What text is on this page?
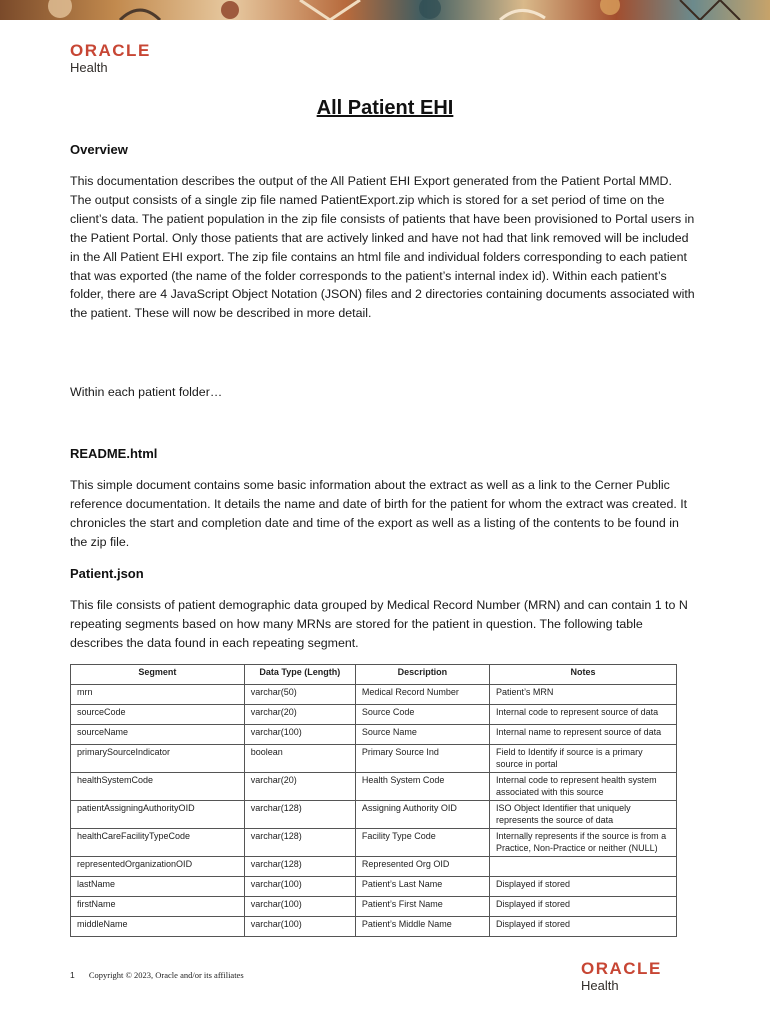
ORACLE
Health
All Patient EHI
Overview

This documentation describes the output of the All Patient EHI Export generated from the Patient Portal MMD. The output consists of a single zip file named PatientExport.zip which is stored for a set period of time on the client’s data. The patient population in the zip file consists of patients that have been provisioned to Portal users in the Patient Portal. Only those patients that are actively linked and have not had that link removed will be included in the All Patient EHI export. The zip file contains an html file and individual folders corresponding to each patient that was exported (the name of the folder corresponds to the patient’s internal index id). Within each patient’s folder, there are 4 JavaScript Object Notation (JSON) files and 2 directories containing documents associated with the patient. These will now be described in more detail.

Within each patient folder…

README.html

This simple document contains some basic information about the extract as well as a link to the Cerner Public reference documentation. It details the name and date of birth for the patient for whom the extract was created. It chronicles the start and completion date and time of the export as well as a listing of the contents to be found in the zip file.

Patient.json

This file consists of patient demographic data grouped by Medical Record Number (MRN) and can contain 1 to N repeating segments based on how many MRNs are stored for the patient in question. The following table describes the data found in each repeating segment.

Segment	Data Type (Length)	Description	Notes
mrn	varchar(50)	Medical Record Number	Patient’s MRN
sourceCode	varchar(20)	Source Code	Internal code to represent source of data
sourceName	varchar(100)	Source Name	Internal name to represent source of data
primarySourceIndicator	boolean	Primary Source Ind	Field to Identify if source is a primary source in portal
healthSystemCode	varchar(20)	Health System Code	Internal code to represent health system associated with this source
patientAssigningAuthorityOID	varchar(128)	Assigning Authority OID	ISO Object Identifier that uniquely represents the source of data
healthCareFacilityTypeCode	varchar(128)	Facility Type Code	Internally represents if the source is from a Practice, Non-Practice or neither (NULL)
representedOrganizationOID	varchar(128)	Represented Org OID	
lastName	varchar(100)	Patient’s Last Name	Displayed if stored
firstName	varchar(100)	Patient’s First Name	Displayed if stored
middleName	varchar(100)	Patient’s Middle Name	Displayed if stored
1 Copyright © 2023, Oracle and/or its affiliates	ORACLE
Health
